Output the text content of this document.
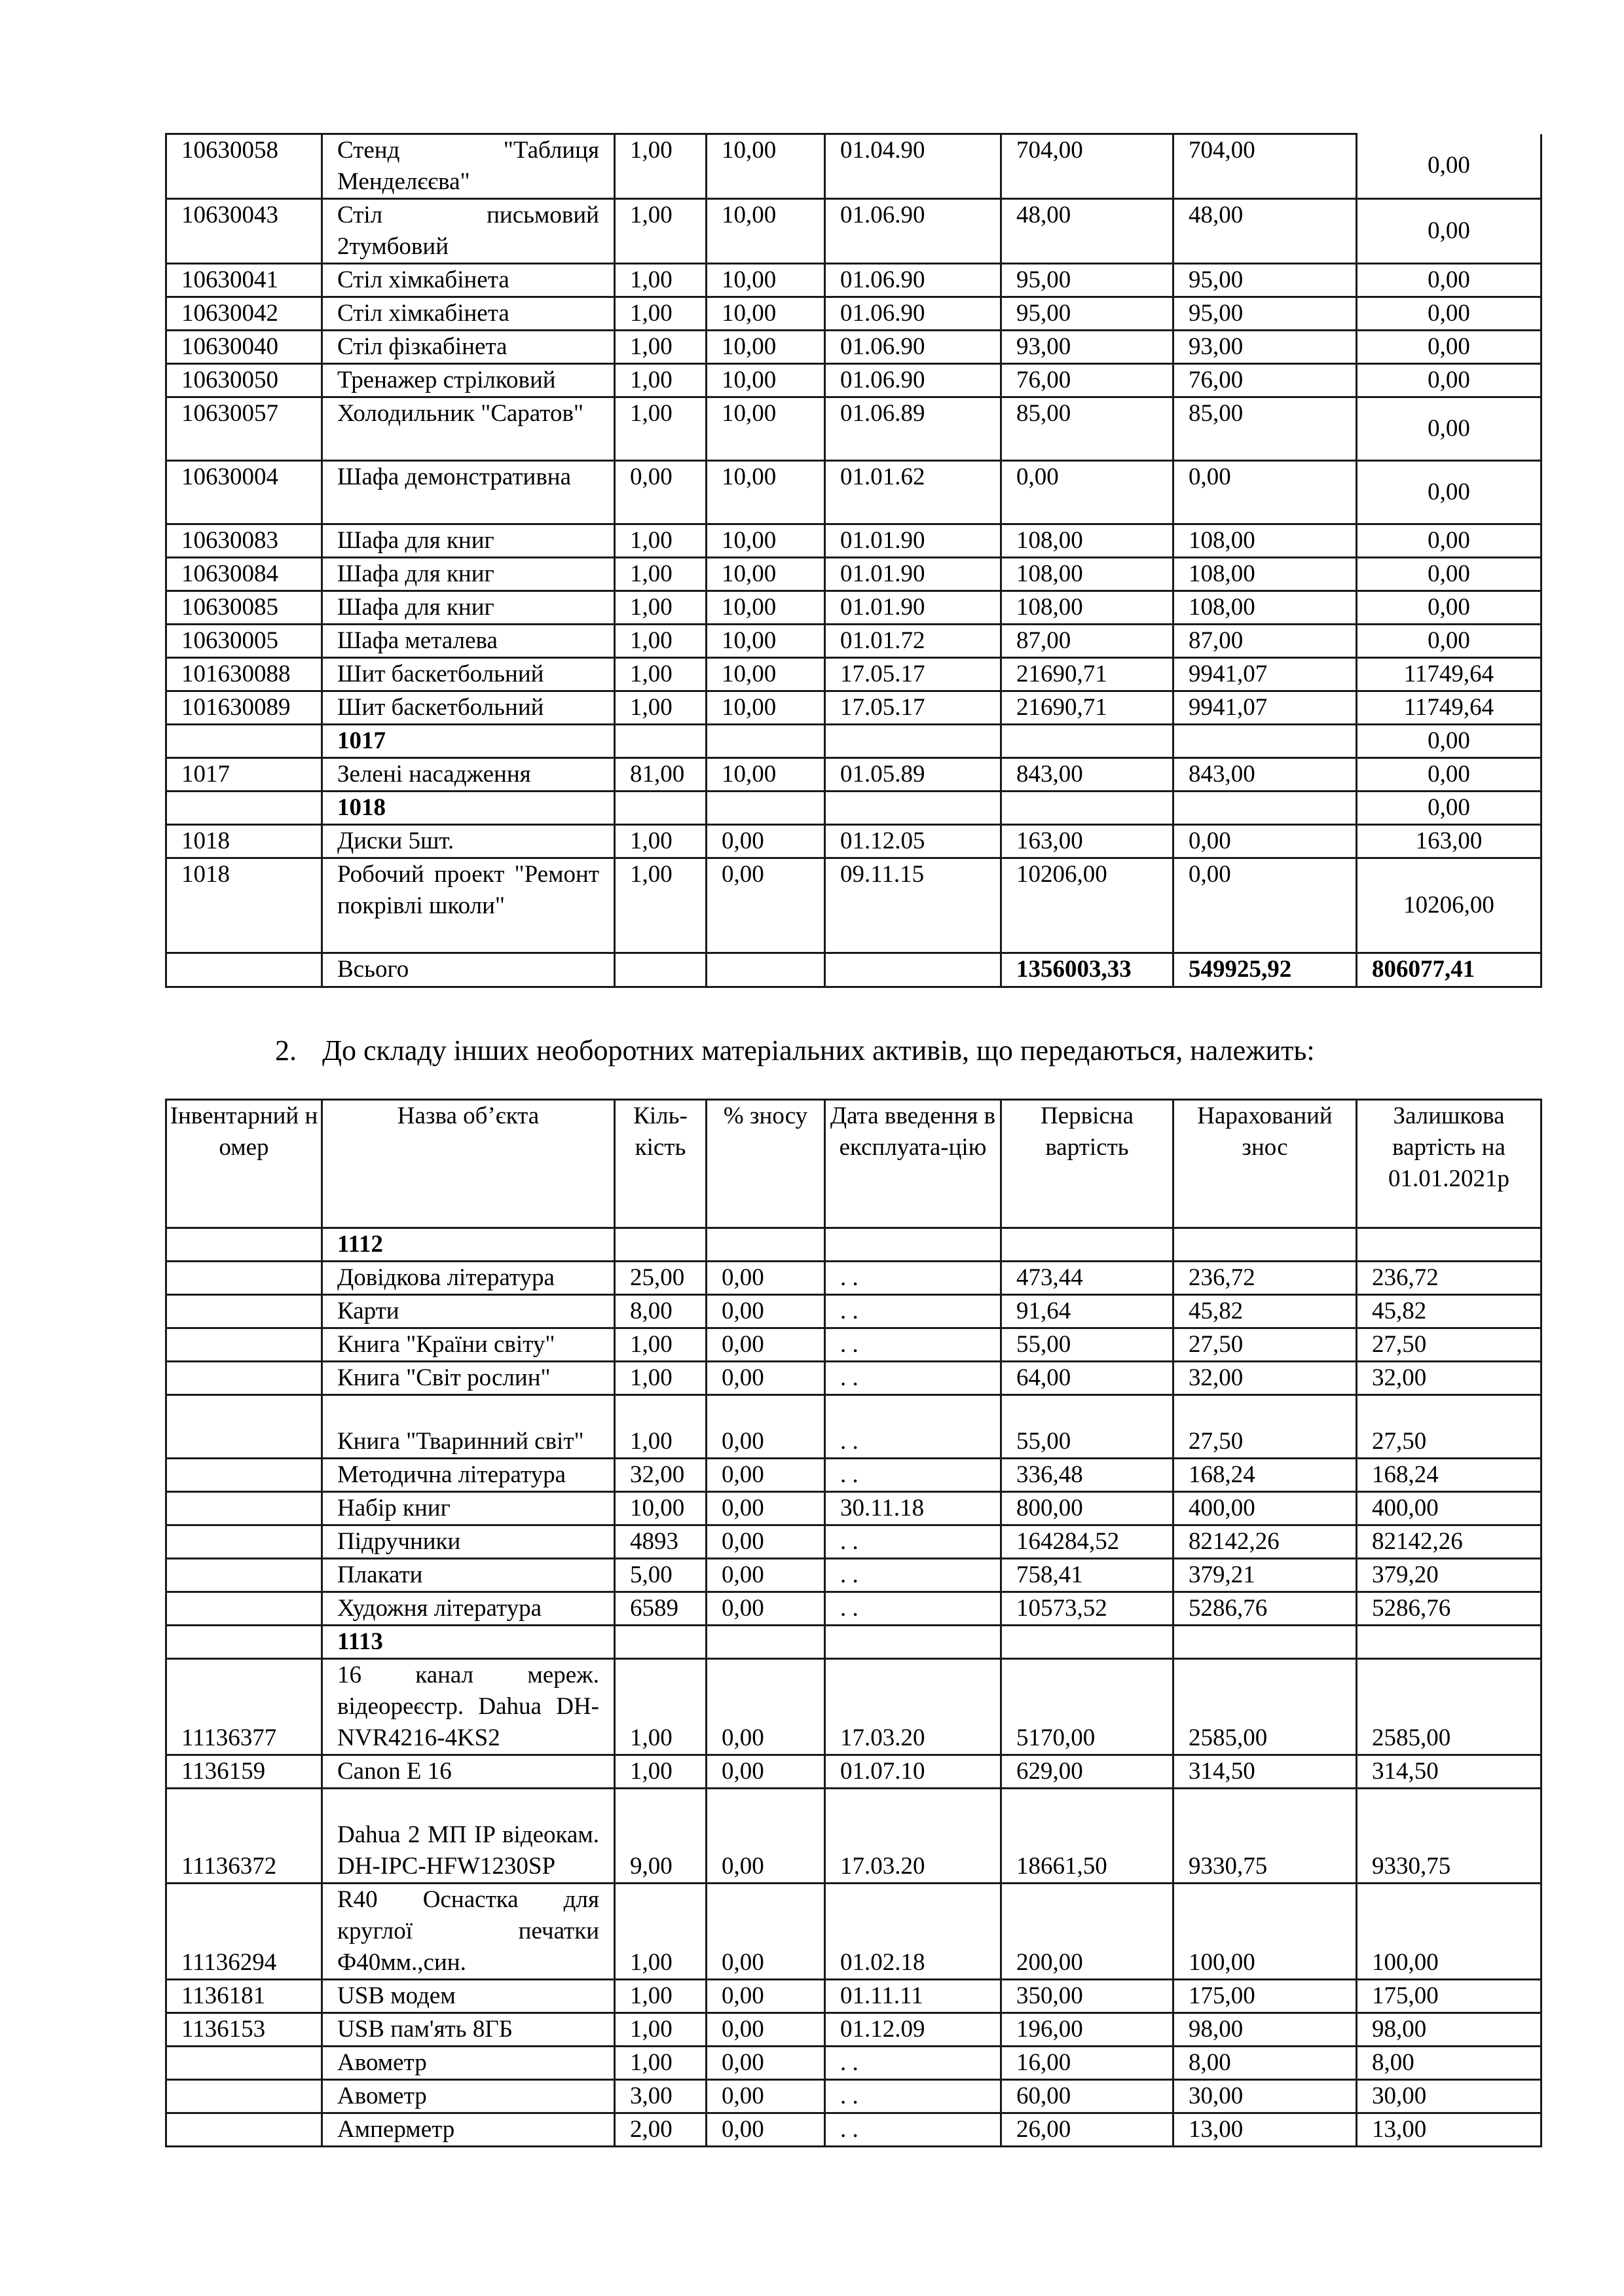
10630058	Стенд "Таблиця Менделєєва"	1,00	10,00	01.04.90	704,00	704,00	0,00
10630043	Стіл письмовий 2тумбовий	1,00	10,00	01.06.90	48,00	48,00	0,00
10630041	Стіл хімкабінета	1,00	10,00	01.06.90	95,00	95,00	0,00
10630042	Стіл хімкабінета	1,00	10,00	01.06.90	95,00	95,00	0,00
10630040	Стіл фізкабінета	1,00	10,00	01.06.90	93,00	93,00	0,00
10630050	Тренажер стрілковий	1,00	10,00	01.06.90	76,00	76,00	0,00
10630057	Холодильник "Саратов"	1,00	10,00	01.06.89	85,00	85,00	0,00
10630004	Шафа демонстративна	0,00	10,00	01.01.62	0,00	0,00	0,00
10630083	Шафа для книг	1,00	10,00	01.01.90	108,00	108,00	0,00
10630084	Шафа для книг	1,00	10,00	01.01.90	108,00	108,00	0,00
10630085	Шафа для книг	1,00	10,00	01.01.90	108,00	108,00	0,00
10630005	Шафа металева	1,00	10,00	01.01.72	87,00	87,00	0,00
101630088	Шит баскетбольний	1,00	10,00	17.05.17	21690,71	9941,07	11749,64
101630089	Шит баскетбольний	1,00	10,00	17.05.17	21690,71	9941,07	11749,64
	1017						0,00
1017	Зелені насадження	81,00	10,00	01.05.89	843,00	843,00	0,00
	1018						0,00
1018	Диски 5шт.	1,00	0,00	01.12.05	163,00	0,00	163,00
1018	Робочий проект "Ремонт покрівлі школи"	1,00	0,00	09.11.15	10206,00	0,00	10206,00
	Всього				1356003,33	549925,92	806077,41
2. До складу інших необоротних матеріальних активів, що передаються, належить:
Інвентарний номер	Назва об’єкта	Кіль-кість	% зносу	Дата введення в експлуата-цію	Первісна вартість	Нарахований знос	Залишкова вартість на 01.01.2021р
	1112						
	Довідкова література	25,00	0,00	. .	473,44	236,72	236,72
	Карти	8,00	0,00	. .	91,64	45,82	45,82
	Книга "Країни світу"	1,00	0,00	. .	55,00	27,50	27,50
	Книга "Світ рослин"	1,00	0,00	. .	64,00	32,00	32,00
	Книга "Тваринний світ"	1,00	0,00	. .	55,00	27,50	27,50
	Методична література	32,00	0,00	. .	336,48	168,24	168,24
	Набір книг	10,00	0,00	30.11.18	800,00	400,00	400,00
	Підручники	4893	0,00	. .	164284,52	82142,26	82142,26
	Плакати	5,00	0,00	. .	758,41	379,21	379,20
	Художня література	6589	0,00	. .	10573,52	5286,76	5286,76
	1113						
11136377	16 канал мереж. відеореєстр. Dahua DH-NVR4216-4KS2	1,00	0,00	17.03.20	5170,00	2585,00	2585,00
1136159	Canon E 16	1,00	0,00	01.07.10	629,00	314,50	314,50
11136372	Dahua 2 МП IP відеокам. DH-IPC-HFW1230SP	9,00	0,00	17.03.20	18661,50	9330,75	9330,75
11136294	R40 Оснастка для круглої печатки Ф40мм.,син.	1,00	0,00	01.02.18	200,00	100,00	100,00
1136181	USB модем	1,00	0,00	01.11.11	350,00	175,00	175,00
1136153	USB пам'ять 8ГБ	1,00	0,00	01.12.09	196,00	98,00	98,00
	Авометр	1,00	0,00	. .	16,00	8,00	8,00
	Авометр	3,00	0,00	. .	60,00	30,00	30,00
	Амперметр	2,00	0,00	. .	26,00	13,00	13,00
